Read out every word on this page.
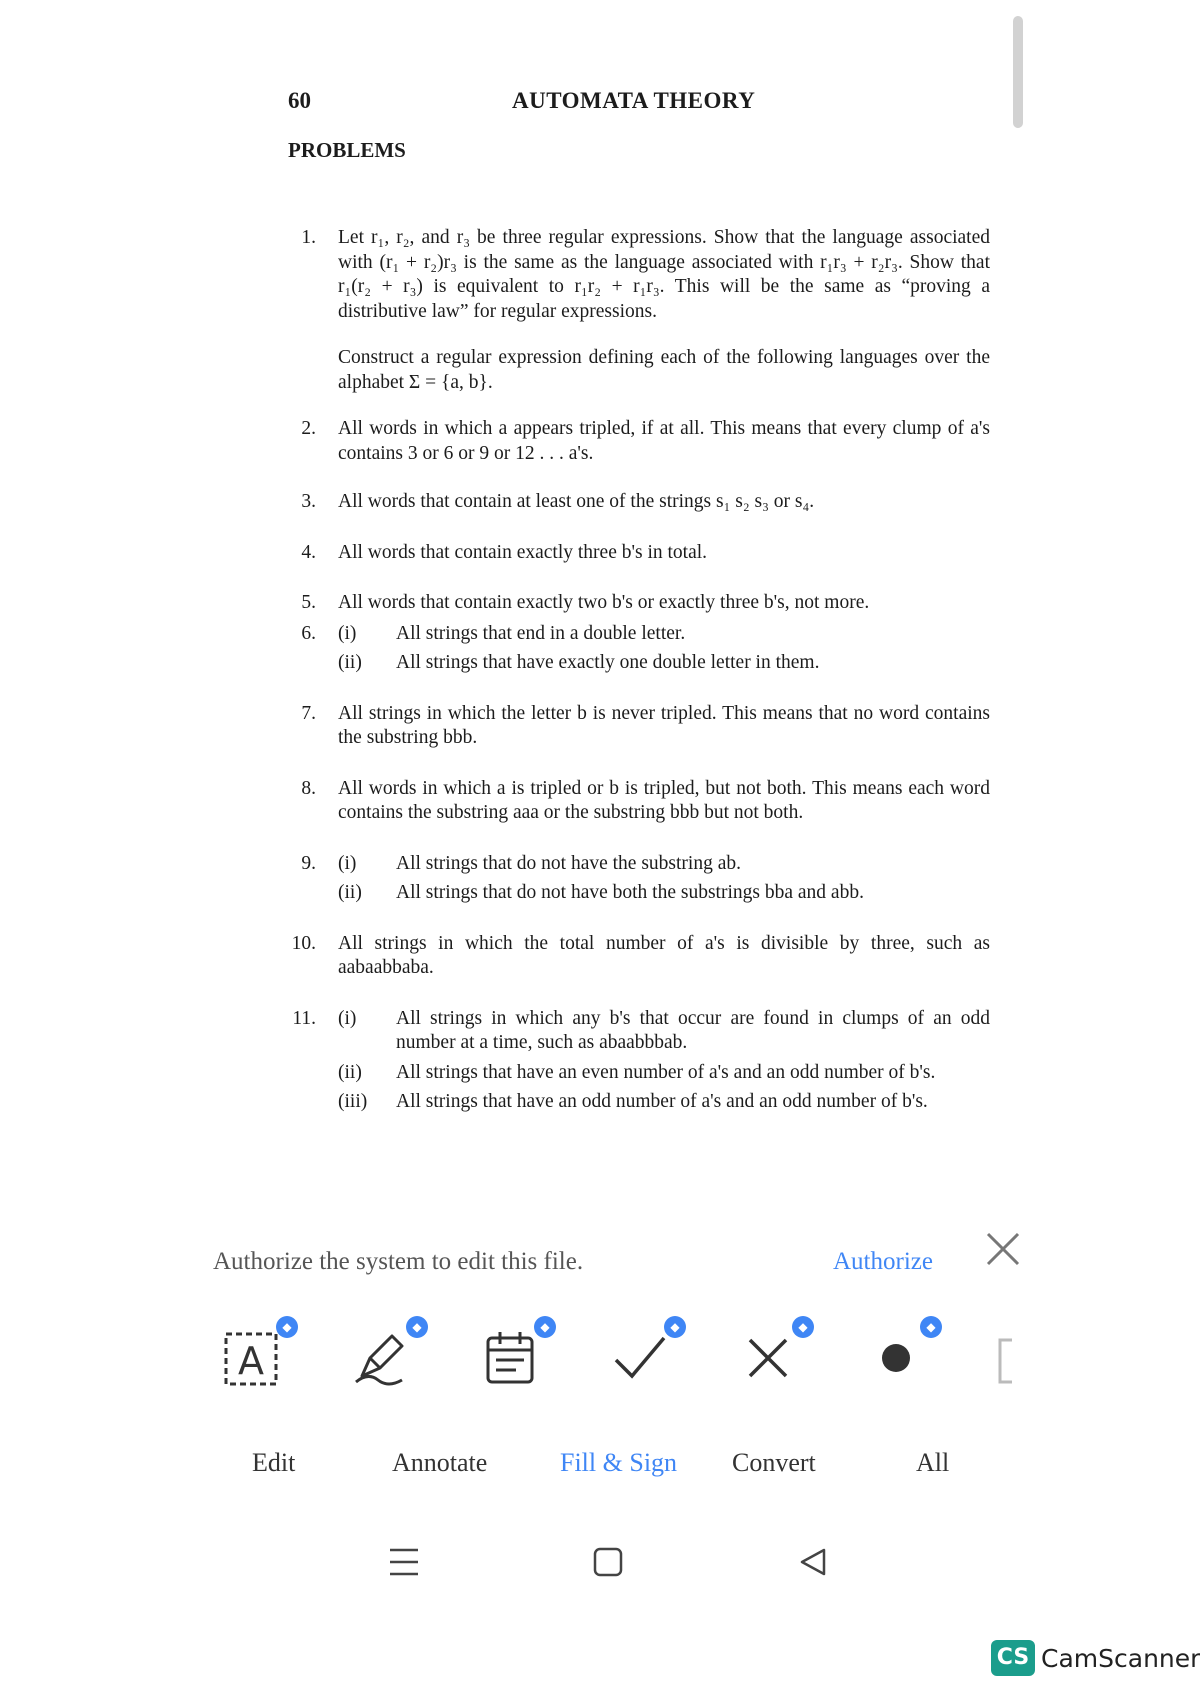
60	AUTOMATA THEORY
PROBLEMS
1. Let r₁, r₂, and r₃ be three regular expressions. Show that the language associated with (r₁ + r₂)r₃ is the same as the language associated with r₁r₃ + r₂r₃. Show that r₁(r₂ + r₃) is equivalent to r₁r₂ + r₁r₃. This will be the same as “proving a distributive law” for regular expressions.
Construct a regular expression defining each of the following languages over the alphabet Σ = {a, b}.
2. All words in which a appears tripled, if at all. This means that every clump of a's contains 3 or 6 or 9 or 12 . . . a's.
3. All words that contain at least one of the strings s₁ s₂ s₃ or s₄.
4. All words that contain exactly three b's in total.
5. All words that contain exactly two b's or exactly three b's, not more.
6. (i) All strings that end in a double letter.
(ii) All strings that have exactly one double letter in them.
7. All strings in which the letter b is never tripled. This means that no word contains the substring bbb.
8. All words in which a is tripled or b is tripled, but not both. This means each word contains the substring aaa or the substring bbb but not both.
9. (i) All strings that do not have the substring ab.
(ii) All strings that do not have both the substrings bba and abb.
10. All strings in which the total number of a's is divisible by three, such as aabaabbaba.
11. (i) All strings in which any b's that occur are found in clumps of an odd number at a time, such as abaabbbab.
(ii) All strings that have an even number of a's and an odd number of b's.
(iii) All strings that have an odd number of a's and an odd number of b's.
Authorize the system to edit this file.	Authorize
A
◆	◆	◆	◆	◆	◆
Edit	Annotate	Fill & Sign Convert	All
CS CamScanner
